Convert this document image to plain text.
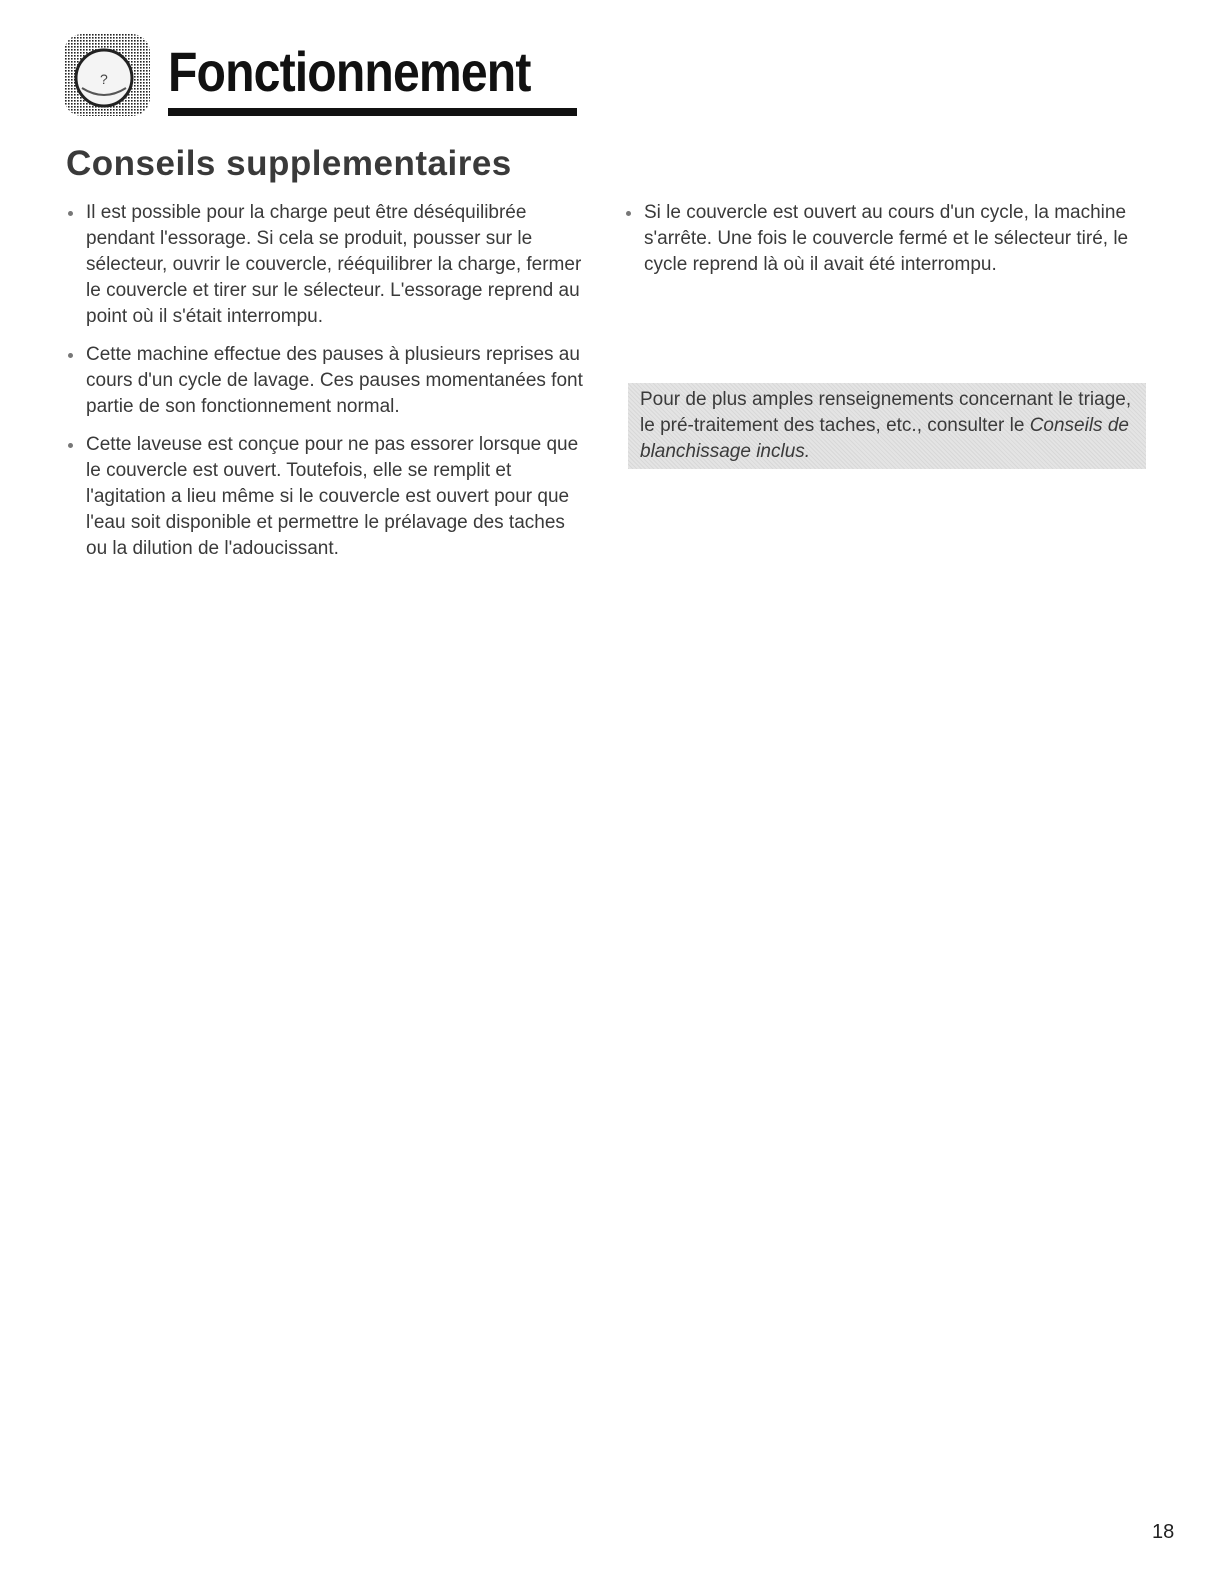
? Fonctionnement
Conseils supplementaires
Il est possible pour la charge peut être déséquilibrée pendant l'essorage. Si cela se produit, pousser sur le sélecteur, ouvrir le couvercle, rééquilibrer la charge, fermer le couvercle et tirer sur le sélecteur. L'essorage reprend au point où il s'était interrompu.
Cette machine effectue des pauses à plusieurs reprises au cours d'un cycle de lavage. Ces pauses momentanées font partie de son fonctionnement normal.
Cette laveuse est conçue pour ne pas essorer lorsque que le couvercle est ouvert. Toutefois, elle se remplit et l'agitation a lieu même si le couvercle est ouvert pour que l'eau soit disponible et permettre le prélavage des taches ou la dilution de l'adoucissant.
Si le couvercle est ouvert au cours d'un cycle, la machine s'arrête. Une fois le couvercle fermé et le sélecteur tiré, le cycle reprend là où il avait été interrompu.
Pour de plus amples renseignements concernant le triage, le pré-traitement des taches, etc., consulter le Conseils de blanchissage inclus.
18
